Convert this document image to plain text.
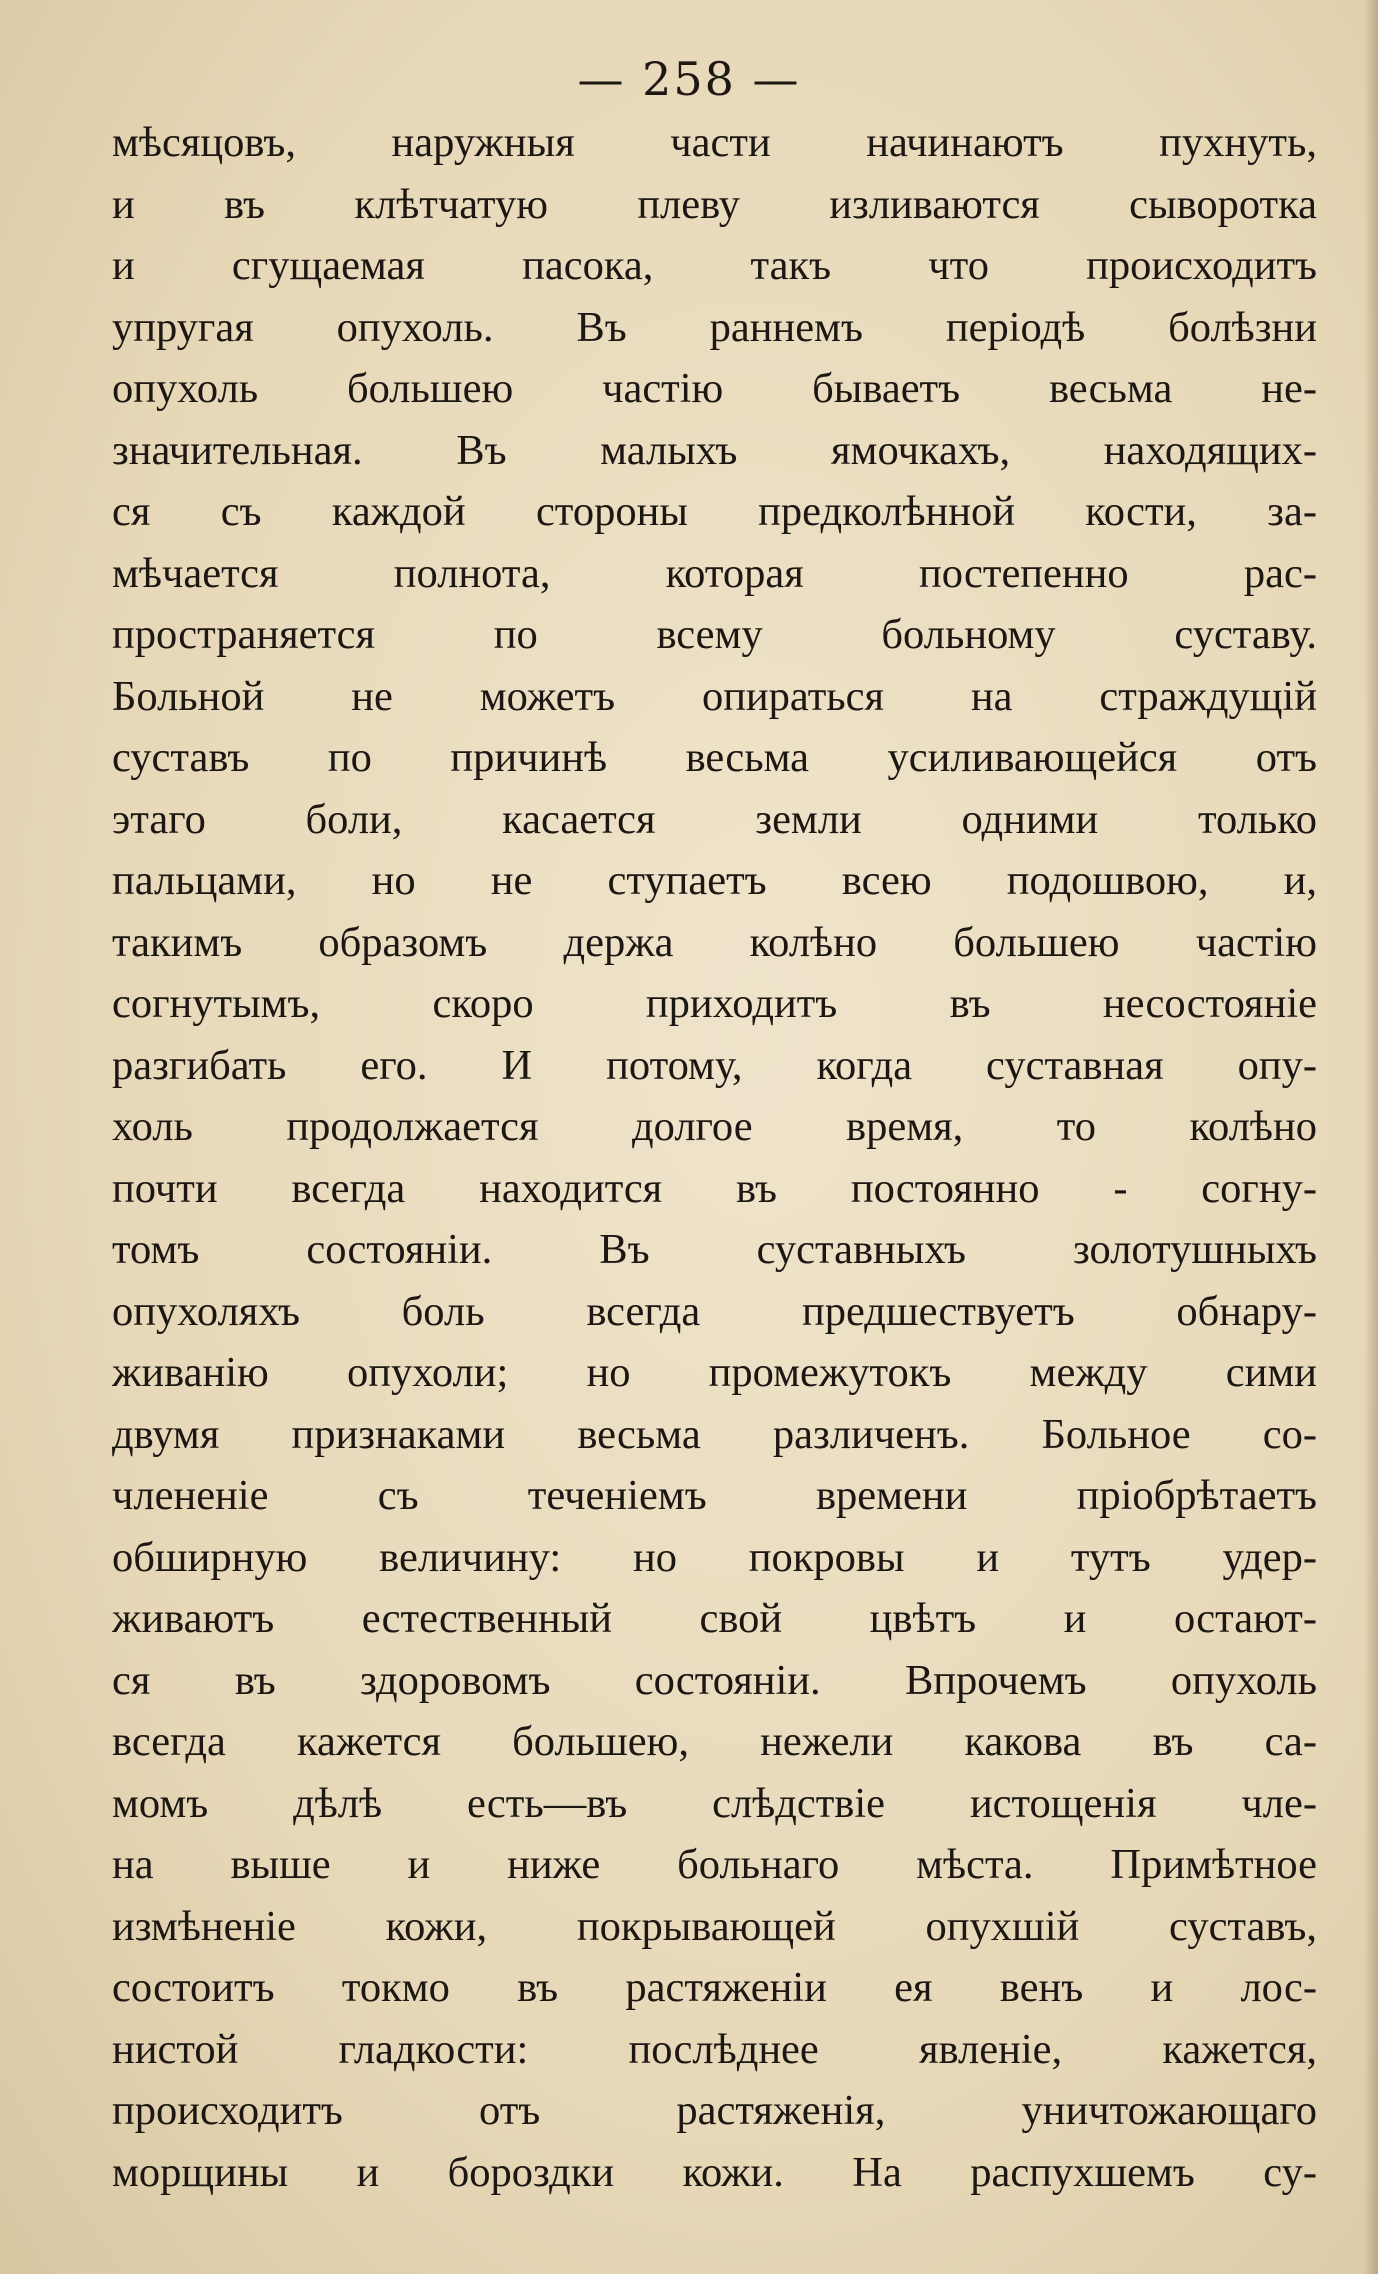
— 258 —
мѣсяцовъ, наружныя части начинаютъ пухнуть,
и въ клѣтчатую плеву изливаются сыворотка
и сгущаемая пасока, такъ что происходитъ
упругая опухоль. Въ раннемъ періодѣ болѣзни
опухоль большею частію бываетъ весьма не-
значительная. Въ малыхъ ямочкахъ, находящих-
ся съ каждой стороны предколѣнной кости, за-
мѣчается полнота, которая постепенно рас-
пространяется по всему больному суставу.
Больной не можетъ опираться на страждущій
суставъ по причинѣ весьма усиливающейся отъ
этаго боли, касается земли одними только
пальцами, но не ступаетъ всею подошвою, и,
такимъ образомъ держа колѣно большею частію
согнутымъ, скоро приходитъ въ несостояніе
разгибать его. И потому, когда суставная опу-
холь продолжается долгое время, то колѣно
почти всегда находится въ постоянно - согну-
томъ состояніи. Въ суставныхъ золотушныхъ
опухоляхъ боль всегда предшествуетъ обнару-
живанію опухоли; но промежутокъ между сими
двумя признаками весьма различенъ. Больное со-
члененіе съ теченіемъ времени пріобрѣтаетъ
обширную величину: но покровы и тутъ удер-
живаютъ естественный свой цвѣтъ и остают-
ся въ здоровомъ состояніи. Впрочемъ опухоль
всегда кажется большею, нежели какова въ са-
момъ дѣлѣ есть—въ слѣдствіе истощенія чле-
на выше и ниже больнаго мѣста. Примѣтное
измѣненіе кожи, покрывающей опухшій суставъ,
состоитъ токмо въ растяженіи ея венъ и лос-
нистой гладкости: послѣднее явленіе, кажется,
происходитъ отъ растяженія, уничтожающаго
морщины и бороздки кожи. На распухшемъ су-
